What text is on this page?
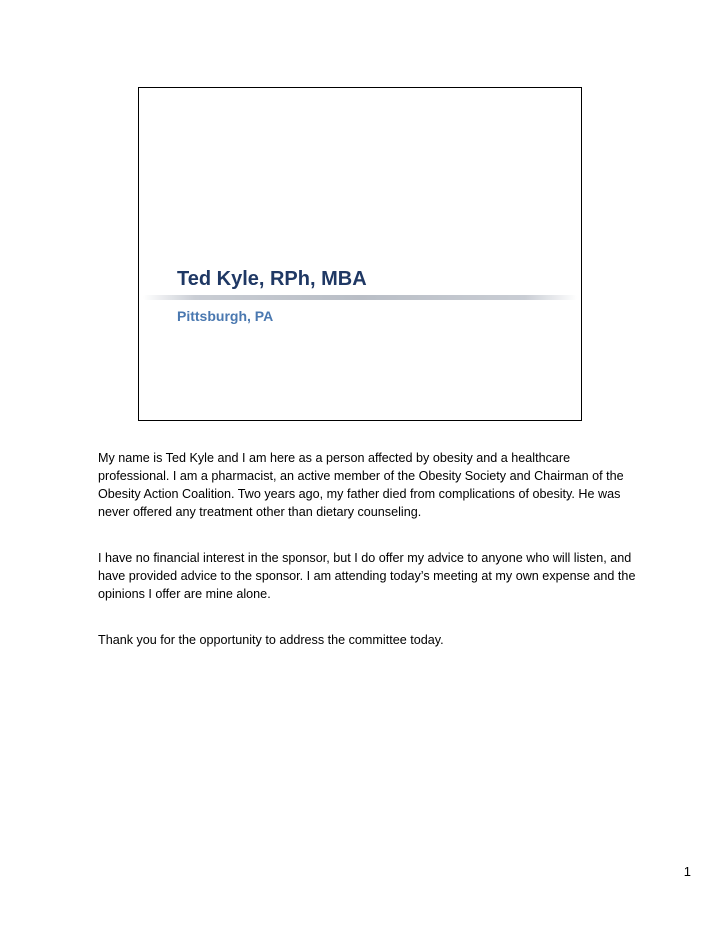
Ted Kyle, RPh, MBA
Pittsburgh, PA

My name is Ted Kyle and I am here as a person affected by obesity and a healthcare professional. I am a pharmacist, an active member of the Obesity Society and Chairman of the Obesity Action Coalition. Two years ago, my father died from complications of obesity. He was never offered any treatment other than dietary counseling.

I have no financial interest in the sponsor, but I do offer my advice to anyone who will listen, and have provided advice to the sponsor. I am attending today’s meeting at my own expense and the opinions I offer are mine alone.

Thank you for the opportunity to address the committee today.

1
